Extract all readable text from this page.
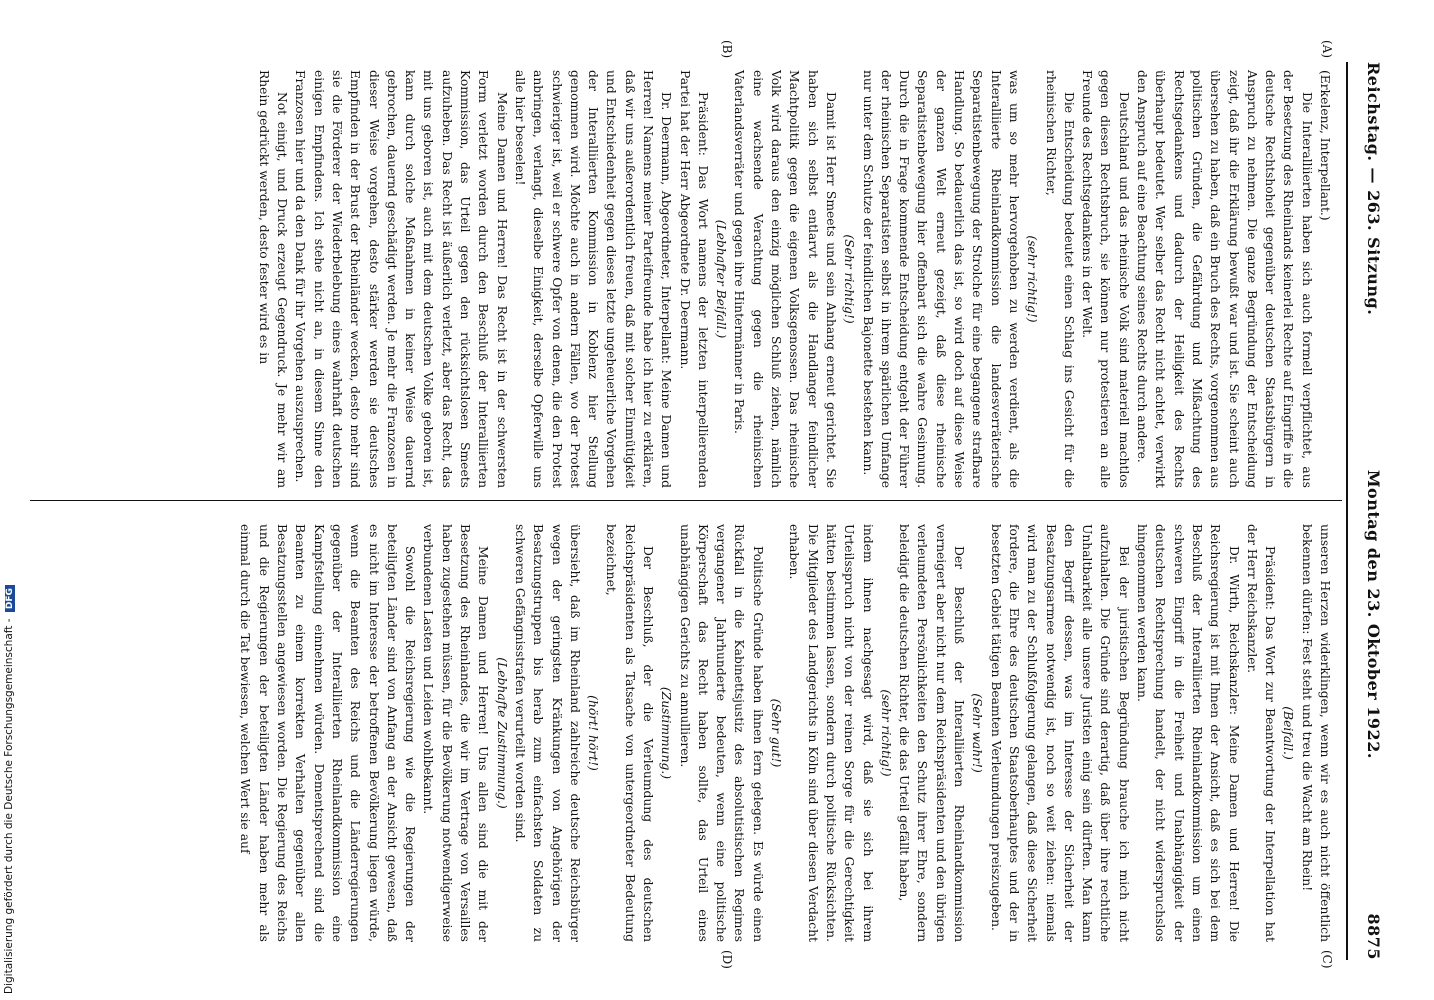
Reichstag. — 263. Sitzung.
Montag den 23. Oktober 1922.
8875
(A)
(B)
(C)
(D)

(Erkelenz, Interpellant.)

Die Interalliierten haben sich auch formell verpflichtet, aus der Besetzung des Rheinlands keinerlei Rechte auf Eingriffe in die deutsche Rechtshoheit gegenüber deutschen Staatsbürgern in Anspruch zu nehmen. Die ganze Begründung der Entscheidung zeigt, daß ihr die Erklärung bewußt war und ist. Sie scheint auch übersehen zu haben, daß ein Bruch des Rechts, vorgenommen aus politischen Gründen, die Gefährdung und Mißachtung des Rechtsgedankens und dadurch der Heiligkeit des Rechts überhaupt bedeutet. Wer selber das Recht nicht achtet, verwirkt den Anspruch auf eine Beachtung seines Rechts durch andere.

Deutschland und das rheinische Volk sind materiell machtlos gegen diesen Rechtsbruch, sie können nur protestieren an alle Freunde des Rechtsgedankens in der Welt.

Die Entscheidung bedeutet einen Schlag ins Gesicht für die rheinischen Richter,

(sehr richtig!)

was um so mehr hervorgehoben zu werden verdient, als die Interalliierte Rheinlandkommission die landesverräterische Separatistenbewegung der Strolche für eine begangene strafbare Handlung. So bedauerlich das ist, so wird doch auf diese Weise der ganzen Welt erneut gezeigt, daß diese rheinische Separatistenbewegung hier offenbart sich die wahre Gesinnung. Durch die in Frage kommende Entscheidung entgeht der Führer der rheinischen Separatisten selbst in ihrem spärlichen Umfange nur unter dem Schutze der feindlichen Bajonette bestehen kann.

(Sehr richtig!)

Damit ist Herr Smeets und sein Anhang erneut gerichtet. Sie haben sich selbst entlarvt als die Handlanger feindlicher Machtpolitik gegen die eigenen Volksgenossen. Das rheinische Volk wird daraus den einzig möglichen Schluß ziehen, nämlich eine wachsende Verachtung gegen die rheinischen Vaterlandsverräter und gegen ihre Hintermänner in Paris.

(Lebhafter Beifall.)

Präsident: Das Wort namens der letzten interpellierenden Partei hat der Herr Abgeordnete Dr. Deermann.

Dr. Deermann, Abgeordneter, Interpellant: Meine Damen und Herren! Namens meiner Parteifreunde habe ich hier zu erklären, daß wir uns außerordentlich freuen, daß mit solcher Einmütigkeit und Entschiedenheit gegen dieses letzte ungeheuerliche Vorgehen der Interalliierten Kommission in Koblenz hier Stellung genommen wird. Möchte auch in andern Fällen, wo der Protest schwieriger ist, weil er schwere Opfer von denen, die den Protest anbringen, verlangt, dieselbe Einigkeit, derselbe Opferwille uns alle hier beseelen!

Meine Damen und Herren! Das Recht ist in der schwersten Form verletzt worden durch den Beschluß der Interalliierten Kommission, das Urteil gegen den rücksichtslosen Smeets aufzuheben. Das Recht ist äußerlich verletzt, aber das Recht, das mit uns geboren ist, auch mit dem deutschen Volke geboren ist, kann durch solche Maßnahmen in keiner Weise dauernd gebrochen, dauernd geschädigt werden. Je mehr die Franzosen in dieser Weise vorgehen, desto stärker werden sie deutsches Empfinden in der Brust der Rheinländer wecken, desto mehr sind sie die Förderer der Wiederbelebung eines wahrhaft deutschen einigen Empfindens. Ich stehe nicht an, in diesem Sinne den Franzosen hier und da den Dank für ihr Vorgehen auszusprechen.

Not einigt, und Druck erzeugt Gegendruck. Je mehr wir am Rhein gedrückt werden, desto fester wird es in

unseren Herzen widerklingen, wenn wir es auch nicht öffentlich bekennen dürfen: Fest steht und treu die Wacht am Rhein!

(Beifall.)

Präsident: Das Wort zur Beantwortung der Interpellation hat der Herr Reichskanzler.

Dr. Wirth, Reichskanzler: Meine Damen und Herren! Die Reichsregierung ist mit Ihnen der Ansicht, daß es sich bei dem Beschluß der Interalliierten Rheinlandkommission um einen schweren Eingriff in die Freiheit und Unabhängigkeit der deutschen Rechtsprechung handelt, der nicht widerspruchslos hingenommen werden kann.

Bei der juristischen Begründung brauche ich mich nicht aufzuhalten. Die Gründe sind derartig, daß über ihre rechtliche Unhaltbarkeit alle unsere Juristen einig sein dürften. Man kann den Begriff dessen, was im Interesse der Sicherheit der Besatzungsarmee notwendig ist, noch so weit ziehen: niemals wird man zu der Schlußfolgerung gelangen, daß diese Sicherheit fordere, die Ehre des deutschen Staatsoberhauptes und der in besetzten Gebiet tätigen Beamten Verleumdungen preiszugeben.

(Sehr wahr!)

Der Beschluß der Interalliierten Rheinlandkommission verneigert aber nicht nur dem Reichspräsidenten und den übrigen verleumdeten Persönlichkeiten den Schutz ihrer Ehre, sondern beleidigt die deutschen Richter, die das Urteil gefällt haben,

(sehr richtig!)

indem ihnen nachgesagt wird, daß sie sich bei ihrem Urteilsspruch nicht von der reinen Sorge für die Gerechtigkeit hätten bestimmen lassen, sondern durch politische Rücksichten. Die Mitglieder des Landgerichts in Köln sind über diesen Verdacht erhaben.

(Sehr gut!)

Politische Gründe haben ihnen fern gelegen. Es würde einen Rückfall in die Kabinettsjustiz des absolutistischen Regimes vergangener Jahrhunderte bedeuten, wenn eine politische Körperschaft das Recht haben sollte, das Urteil eines unabhängigen Gerichts zu annullieren.

(Zustimmung.)

Der Beschluß, der die Verleumdung des deutschen Reichspräsidenten als Tatsache von untergeordneter Bedeutung bezeichnet,

(hört! hört!)

übersieht, daß im Rheinland zahlreiche deutsche Reichsbürger wegen der geringsten Kränkungen von Angehörigen der Besatzungstruppen bis herab zum einfachsten Soldaten zu schweren Gefängnisstrafen verurteilt worden sind.

(Lebhafte Zustimmung.)

Meine Damen und Herren! Uns allen sind die mit der Besetzung des Rheinlandes, die wir im Vertrage von Versailles haben zugestehen müssen, für die Bevölkerung notwendigerweise verbundenen Lasten und Leiden wohlbekannt.

Sowohl die Reichsregierung wie die Regierungen der beteiligten Länder sind von Anfang an der Ansicht gewesen, daß es nicht im Interesse der betroffenen Bevölkerung liegen würde, wenn die Beamten des Reichs und die Länderregierungen gegenüber der Interalliierten Rheinlandkommission eine Kampfstellung einnehmen würden. Dementsprechend sind die Beamten zu einem korrekten Verhalten gegenüber allen Besatzungsstellen angewiesen worden. Die Regierung des Reichs und die Regierungen der beteiligten Länder haben mehr als einmal durch die Tat bewiesen, welchen Wert sie auf

Digitalisierung gefördert durch die Deutsche Forschungsgemeinschaft - DFG
